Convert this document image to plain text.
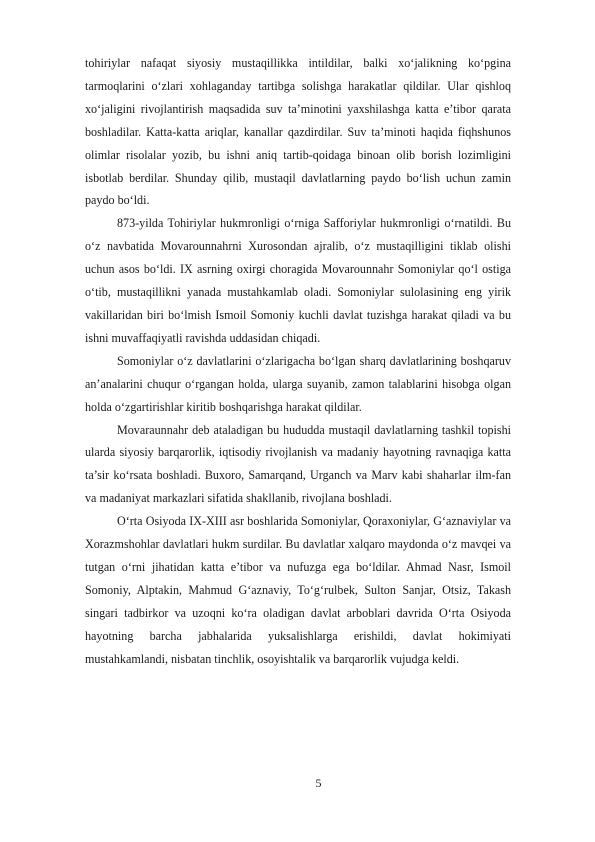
tohiriylar nafaqat siyosiy mustaqillikka intildilar, balki xo‘jalikning ko‘pgina tarmoqlarini o‘zlari xohlaganday tartibga solishga harakatlar qildilar. Ular qishloq xo‘jaligini rivojlantirish maqsadida suv ta’minotini yaxshilashga katta e’tibor qarata boshladilar. Katta-katta ariqlar, kanallar qazdirdilar. Suv ta’minoti haqida fiqhshunos olimlar risolalar yozib, bu ishni aniq tartib-qoidaga binoan olib borish lozimligini isbotlab berdilar. Shunday qilib, mustaqil davlatlarning paydo bo‘lish uchun zamin paydo bo‘ldi.

873-yilda Tohiriylar hukmronligi o‘rniga Safforiylar hukmronligi o‘rnatildi. Bu o‘z navbatida Movarounnahrni Xurosondan ajralib, o‘z mustaqilligini tiklab olishi uchun asos bo‘ldi. IX asrning oxirgi choragida Movarounnahr Somoniylar qo‘l ostiga o‘tib, mustaqillikni yanada mustahkamlab oladi. Somoniylar sulolasining eng yirik vakillaridan biri bo‘lmish Ismoil Somoniy kuchli davlat tuzishga harakat qiladi va bu ishni muvaffaqiyatli ravishda uddasidan chiqadi.

Somoniylar o‘z davlatlarini o‘zlarigacha bo‘lgan sharq davlatlarining boshqaruv an’analarini chuqur o‘rgangan holda, ularga suyanib, zamon talablarini hisobga olgan holda o‘zgartirishlar kiritib boshqarishga harakat qildilar.

Movaraunnahr deb ataladigan bu hududda mustaqil davlatlarning tashkil topishi ularda siyosiy barqarorlik, iqtisodiy rivojlanish va madaniy hayotning ravnaqiga katta ta’sir ko‘rsata boshladi. Buxoro, Samarqand, Urganch va Marv kabi shaharlar ilm-fan va madaniyat markazlari sifatida shakllanib, rivojlana boshladi.

O‘rta Osiyoda IX-XIII asr boshlarida Somoniylar, Qoraxoniylar, G‘aznaviylar va Xorazmshohlar davlatlari hukm surdilar. Bu davlatlar xalqaro maydonda o‘z mavqei va tutgan o‘rni jihatidan katta e’tibor va nufuzga ega bo‘ldilar. Ahmad Nasr, Ismoil Somoniy, Alptakin, Mahmud G‘aznaviy, To‘g‘rulbek, Sulton Sanjar, Otsiz, Takash singari tadbirkor va uzoqni ko‘ra oladigan davlat arboblari davrida O‘rta Osiyoda hayotning barcha jabhalarida yuksalishlarga erishildi, davlat hokimiyati mustahkamlandi, nisbatan tinchlik, osoyishtalik va barqarorlik vujudga keldi.

5
